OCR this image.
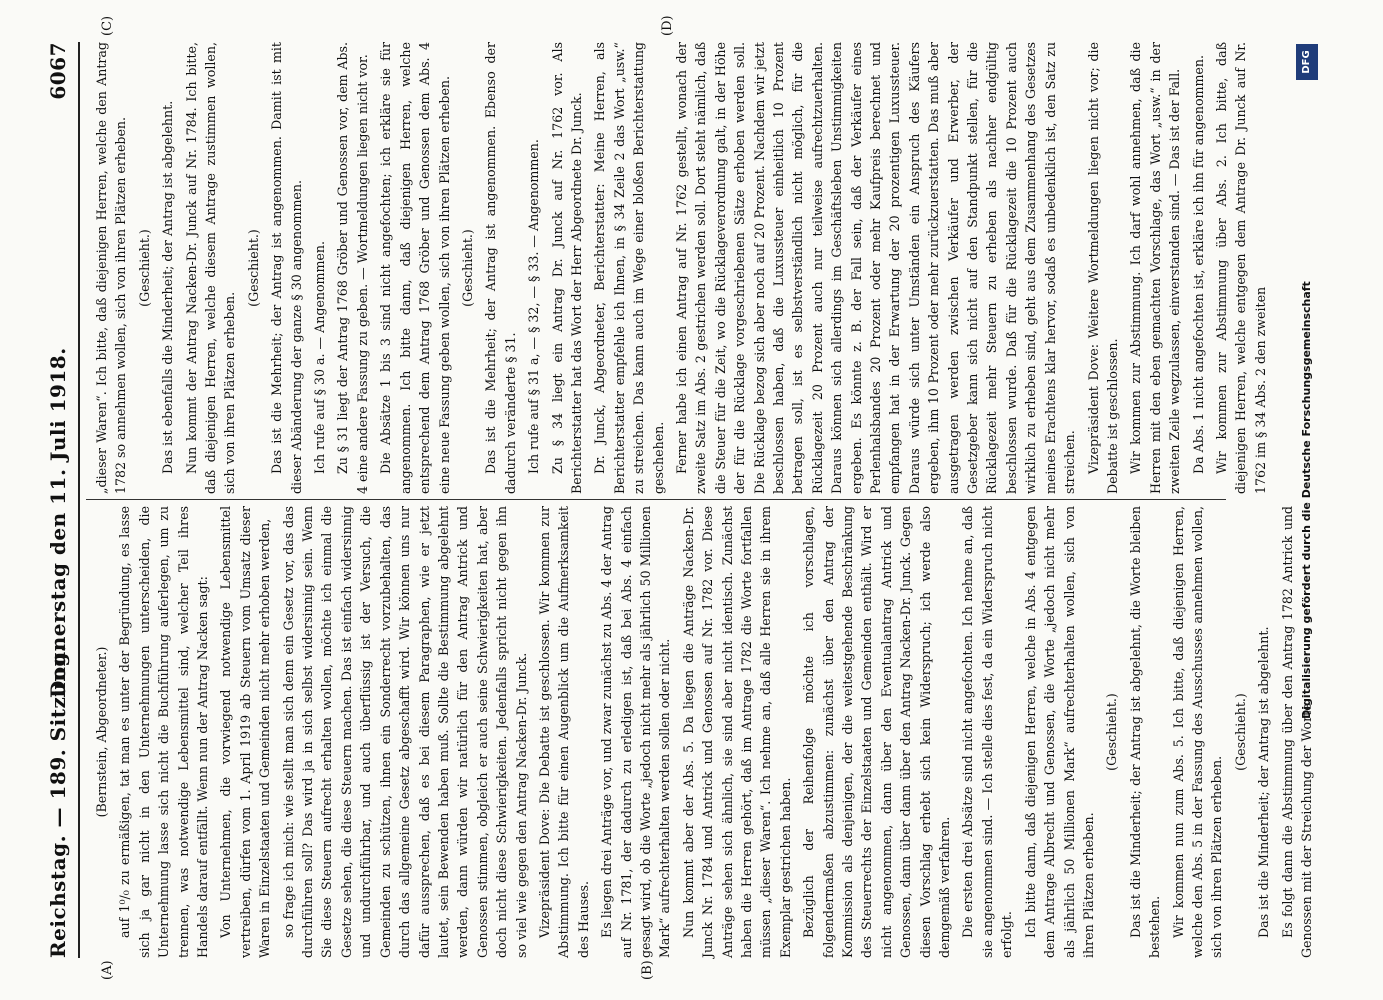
Reichstag. — 189. Sitzung.
Donnerstag den 11. Juli 1918.
6067
(A)	(B)
(C)	(D)

(Bernstein, Abgeordneter.) auf 1⁰/₀ zu ermäßigen, tat man es unter der Begründung, es lasse sich ja gar nicht in den Unternehmungen unterscheiden, die Unternehmung lasse sich nicht die Buchführung auferlegen, um zu trennen, was notwendige Lebensmittel sind, welcher Teil ihres Handels darauf entfällt. Wenn nun der Antrag Nacken sagt: Von Unternehmen, die vorwiegend notwendige Lebensmittel vertreiben, dürfen vom 1. April 1919 ab Steuern vom Umsatz dieser Waren in Einzelstaaten und Gemeinden nicht mehr erhoben werden, so frage ich mich: wie stellt man sich denn ein Gesetz vor, das das durchführen soll? Das wird ja in sich selbst widersinnig sein. Wenn Sie diese Steuern aufrecht erhalten wollen, möchte ich einmal die Gesetze sehen, die diese Steuern machen. Das ist einfach widersinnig und undurchführbar, und auch überflüssig ist der Versuch, die Gemeinden zu schützen, ihnen ein Sonderrecht vorzubehalten, das durch das allgemeine Gesetz abgeschafft wird. Wir können uns nur dafür aussprechen, daß es bei diesem Paragraphen, wie er jetzt lautet, sein Bewenden haben muß. Sollte die Bestimmung abgelehnt werden, dann würden wir natürlich für den Antrag Antrick und Genossen stimmen, obgleich er auch seine Schwierigkeiten hat, aber doch nicht diese Schwierigkeiten. Jedenfalls spricht nicht gegen ihn so viel wie gegen den Antrag Nacken-Dr. Junck. Vizepräsident Dove: Die Debatte ist geschlossen. Wir kommen zur Abstimmung. Ich bitte für einen Augenblick um die Aufmerksamkeit des Hauses. Es liegen drei Anträge vor, und zwar zunächst zu Abs. 4 der Antrag auf Nr. 1781, der dadurch zu erledigen ist, daß bei Abs. 4 einfach gesagt wird, ob die Worte „jedoch nicht mehr als jährlich 50 Millionen Mark“ aufrechterhalten werden sollen oder nicht. Nun kommt aber der Abs. 5. Da liegen die Anträge Nacken-Dr. Junck Nr. 1784 und Antrick und Genossen auf Nr. 1782 vor. Diese Anträge sehen sich ähnlich, sie sind aber nicht identisch. Zunächst haben die Herren gehört, daß im Antrage 1782 die Worte fortfallen müssen „dieser Waren“. Ich nehme an, daß alle Herren sie in ihrem Exemplar gestrichen haben. Bezüglich der Reihenfolge möchte ich vorschlagen, folgendermaßen abzustimmen: zunächst über den Antrag der Kommission als denjenigen, der die weitestgehende Beschränkung des Steuerrechts der Einzelstaaten und Gemeinden enthält. Wird er nicht angenommen, dann über den Eventualantrag Antrick und Genossen, dann über dann über den Antrag Nacken-Dr. Junck. Gegen diesen Vorschlag erhebt sich kein Widerspruch; ich werde also demgemäß verfahren. Die ersten drei Absätze sind nicht angefochten. Ich nehme an, daß sie angenommen sind. — Ich stelle dies fest, da ein Widerspruch nicht erfolgt. Ich bitte dann, daß diejenigen Herren, welche in Abs. 4 entgegen dem Antrage Albrecht und Genossen, die Worte „jedoch nicht mehr als jährlich 50 Millionen Mark“ aufrechterhalten wollen, sich von ihren Plätzen erheben.

(Geschieht.) Das ist die Minderheit; der Antrag ist abgelehnt, die Worte bleiben bestehen. Wir kommen nun zum Abs. 5. Ich bitte, daß diejenigen Herren, welche den Abs. 5 in der Fassung des Ausschusses annehmen wollen, sich von ihren Plätzen erheben.

(Geschieht.) Das ist die Minderheit; der Antrag ist abgelehnt. Es folgt dann die Abstimmung über den Antrag 1782 Antrick und Genossen mit der Streichung der Worte

„dieser Waren“. Ich bitte, daß diejenigen Herren, welche den Antrag 1782 so annehmen wollen, sich von ihren Plätzen erheben. (Geschieht.) Das ist ebenfalls die Minderheit; der Antrag ist abgelehnt. Nun kommt der Antrag Nacken-Dr. Junck auf Nr. 1784. Ich bitte, daß diejenigen Herren, welche diesem Antrage zustimmen wollen, sich von ihren Plätzen erheben.

(Geschieht.) Das ist die Mehrheit; der Antrag ist angenommen. Damit ist mit dieser Abänderung der ganze § 30 angenommen. Ich rufe auf § 30 a. — Angenommen. Zu § 31 liegt der Antrag 1768 Gröber und Genossen vor, dem Abs. 4 eine andere Fassung zu geben. — Wortmeldungen liegen nicht vor. Die Absätze 1 bis 3 sind nicht angefochten; ich erkläre sie für angenommen. Ich bitte dann, daß diejenigen Herren, welche entsprechend dem Antrag 1768 Gröber und Genossen dem Abs. 4 eine neue Fassung geben wollen, sich von ihren Plätzen erheben. (Geschieht.) Das ist die Mehrheit; der Antrag ist angenommen. Ebenso der dadurch veränderte § 31. Ich rufe auf § 31 a, — § 32, — § 33. — Angenommen. Zu § 34 liegt ein Antrag Dr. Junck auf Nr. 1762 vor. Als Berichterstatter hat das Wort der Herr Abgeordnete Dr. Junck. Dr. Junck, Abgeordneter, Berichterstatter: Meine Herren, als Berichterstatter empfehle ich Ihnen, in § 34 Zeile 2 das Wort „usw.“ zu streichen. Das kann auch im Wege einer bloßen Berichterstattung geschehen. Ferner habe ich einen Antrag auf Nr. 1762 gestellt, wonach der zweite Satz im Abs. 2 gestrichen werden soll. Dort steht nämlich, daß die Steuer für die Zeit, wo die Rücklageverordnung galt, in der Höhe der für die Rücklage vorgeschriebenen Sätze erhoben werden soll. Die Rücklage bezog sich aber noch auf 20 Prozent. Nachdem wir jetzt beschlossen haben, daß die Luxussteuer einheitlich 10 Prozent betragen soll, ist es selbstverständlich nicht möglich, für die Rücklagezeit 20 Prozent auch nur teilweise aufrechtzuerhalten. Daraus können sich allerdings im Geschäftsleben Unstimmigkeiten ergeben. Es könnte z. B. der Fall sein, daß der Verkäufer eines Perlenhalsbandes 20 Prozent oder mehr Kaufpreis berechnet und empfangen hat in der Erwartung der 20 prozentigen Luxussteuer. Daraus würde sich unter Umständen ein Anspruch des Käufers ergeben, ihm 10 Prozent oder mehr zurückzuerstatten. Das muß aber ausgetragen werden zwischen Verkäufer und Erwerber, der Gesetzgeber kann sich nicht auf den Standpunkt stellen, für die Rücklagezeit mehr Steuern zu erheben als nachher endgültig beschlossen wurde. Daß für die Rücklagezeit die 10 Prozent auch wirklich zu erheben sind, geht aus dem Zusammenhang des Gesetzes meines Erachtens klar hervor, sodaß es unbedenklich ist, den Satz zu streichen. Vizepräsident Dove: Weitere Wortmeldungen liegen nicht vor; die Debatte ist geschlossen. Wir kommen zur Abstimmung. Ich darf wohl annehmen, daß die Herren mit den eben gemachten Vorschlage, das Wort „usw.“ in der zweiten Zeile wegzulassen, einverstanden sind. — Das ist der Fall. Da Abs. 1 nicht angefochten ist, erkläre ich ihn für angenommen. Wir kommen zur Abstimmung über Abs. 2. Ich bitte, daß diejenigen Herren, welche entgegen dem Antrage Dr. Junck auf Nr. 1762 im § 34 Abs. 2 den zweiten	Digitalisierung gefördert durch die Deutsche Forschungsgemeinschaft
DFG
